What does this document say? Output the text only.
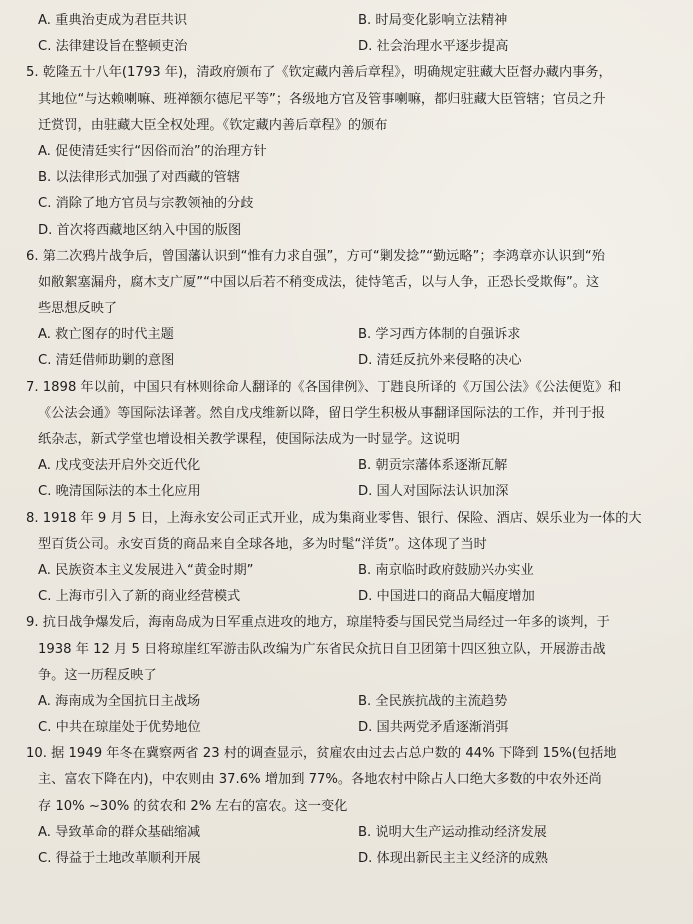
A. 重典治吏成为君臣共识	B. 时局变化影响立法精神
C. 法律建设旨在整顿吏治	D. 社会治理水平逐步提高
5. 乾隆五十八年(1793 年)，清政府颁布了《钦定藏内善后章程》，明确规定驻藏大臣督办藏内事务，
其地位“与达赖喇嘛、班禅额尔德尼平等”；各级地方官及管事喇嘛，都归驻藏大臣管辖；官员之升
迁赏罚，由驻藏大臣全权处理。《钦定藏内善后章程》的颁布
A. 促使清廷实行“因俗而治”的治理方针
B. 以法律形式加强了对西藏的管辖
C. 消除了地方官员与宗教领袖的分歧
D. 首次将西藏地区纳入中国的版图
6. 第二次鸦片战争后，曾国藩认识到“惟有力求自强”，方可“剿发捻”“勤远略”；李鸿章亦认识到“殆
如敝絮塞漏舟，腐木支广厦”“中国以后若不稍变成法，徒恃笔舌，以与人争，正恐长受欺侮”。这
些思想反映了
A. 救亡图存的时代主题	B. 学习西方体制的自强诉求
C. 清廷借师助剿的意图	D. 清廷反抗外来侵略的决心
7. 1898 年以前，中国只有林则徐命人翻译的《各国律例》、丁韪良所译的《万国公法》《公法便览》和
《公法会通》等国际法译著。然自戊戌维新以降，留日学生积极从事翻译国际法的工作，并刊于报
纸杂志，新式学堂也增设相关教学课程，使国际法成为一时显学。这说明
A. 戊戌变法开启外交近代化	B. 朝贡宗藩体系逐渐瓦解
C. 晚清国际法的本土化应用	D. 国人对国际法认识加深
8. 1918 年 9 月 5 日，上海永安公司正式开业，成为集商业零售、银行、保险、酒店、娱乐业为一体的大
型百货公司。永安百货的商品来自全球各地，多为时髦“洋货”。这体现了当时
A. 民族资本主义发展进入“黄金时期”	B. 南京临时政府鼓励兴办实业
C. 上海市引入了新的商业经营模式	D. 中国进口的商品大幅度增加
9. 抗日战争爆发后，海南岛成为日军重点进攻的地方，琼崖特委与国民党当局经过一年多的谈判，于
1938 年 12 月 5 日将琼崖红军游击队改编为广东省民众抗日自卫团第十四区独立队，开展游击战
争。这一历程反映了
A. 海南成为全国抗日主战场	B. 全民族抗战的主流趋势
C. 中共在琼崖处于优势地位	D. 国共两党矛盾逐渐消弭
10. 据 1949 年冬在冀察两省 23 村的调查显示，贫雇农由过去占总户数的 44% 下降到 15%(包括地
主、富农下降在内)，中农则由 37.6% 增加到 77%。各地农村中除占人口绝大多数的中农外还尚
存 10% ~30% 的贫农和 2% 左右的富农。这一变化
A. 导致革命的群众基础缩减	B. 说明大生产运动推动经济发展
C. 得益于土地改革顺利开展	D. 体现出新民主主义经济的成熟
